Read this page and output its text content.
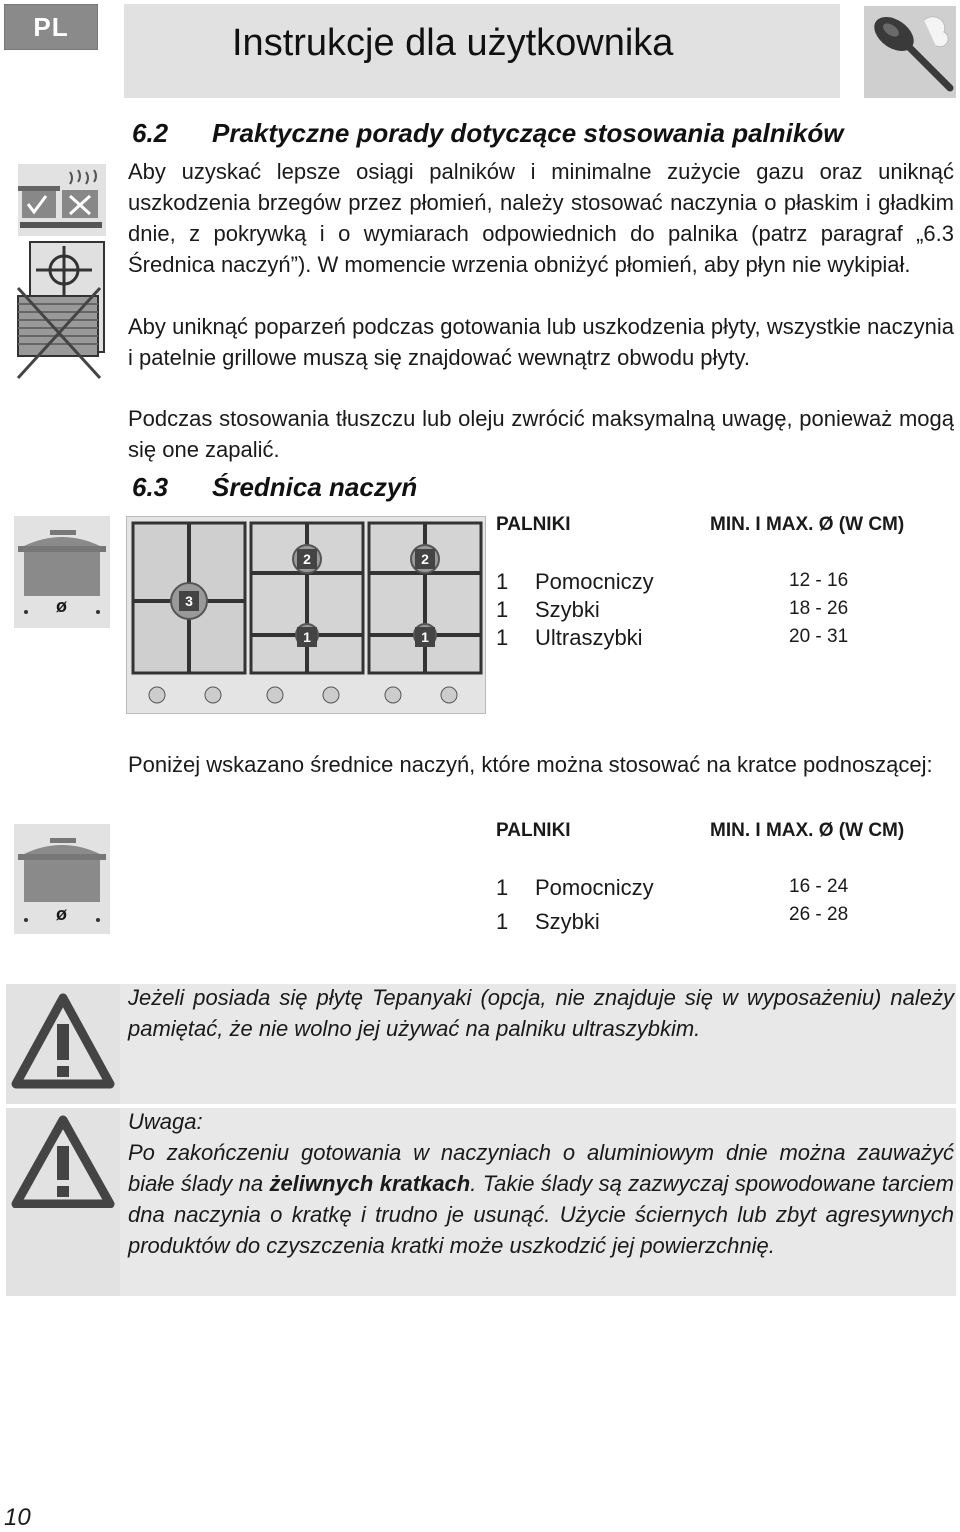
PL	Instrukcje dla użytkownika
6.2 Praktyczne porady dotyczące stosowania palników
Aby uzyskać lepsze osiągi palników i minimalne zużycie gazu oraz uniknąć uszkodzenia brzegów przez płomień, należy stosować naczynia o płaskim i gładkim dnie, z pokrywką i o wymiarach odpowiednich do palnika (patrz paragraf „6.3 Średnica naczyń”). W momencie wrzenia obniżyć płomień, aby płyn nie wykipiał.
Aby uniknąć poparzeń podczas gotowania lub uszkodzenia płyty, wszystkie naczynia i patelnie grillowe muszą się znajdować wewnątrz obwodu płyty.
Podczas stosowania tłuszczu lub oleju zwrócić maksymalną uwagę, ponieważ mogą się one zapalić.
6.3 Średnica naczyń
ø	3
2
1
2
1
PALNIKI	MIN. I MAX. Ø (W CM)
1 Pomocniczy	12 - 16
1 Szybki	18 - 26
1 Ultraszybki	20 - 31
Poniżej wskazano średnice naczyń, które można stosować na kratce podnoszącej:
ø
PALNIKI	MIN. I MAX. Ø (W CM)
1 Pomocniczy	16 - 24
1 Szybki	26 - 28
Jeżeli posiada się płytę Tepanyaki (opcja, nie znajduje się w wyposażeniu) należy pamiętać, że nie wolno jej używać na palniku ultraszybkim.
Uwaga:
Po zakończeniu gotowania w naczyniach o aluminiowym dnie można zauważyć białe ślady na żeliwnych kratkach. Takie ślady są zazwyczaj spowodowane tarciem dna naczynia o kratkę i trudno je usunąć. Użycie ściernych lub zbyt agresywnych produktów do czyszczenia kratki może uszkodzić jej powierzchnię.
10
